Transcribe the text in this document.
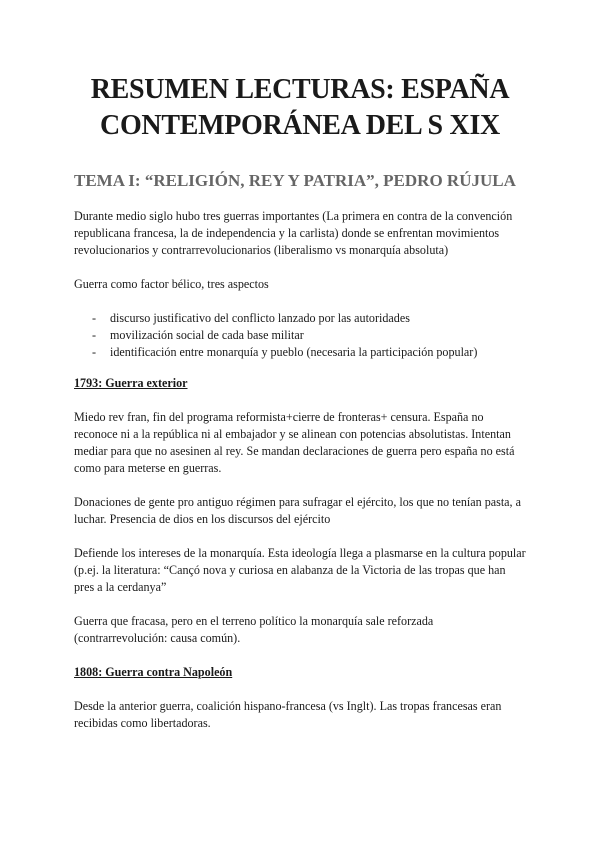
RESUMEN LECTURAS: ESPAÑA
CONTEMPORÁNEA DEL S XIX
TEMA I: “RELIGIÓN, REY Y PATRIA”, PEDRO RÚJULA

Durante medio siglo hubo tres guerras importantes (La primera en contra de la convención republicana francesa, la de independencia y la carlista) donde se enfrentan movimientos revolucionarios y contrarrevolucionarios (liberalismo vs monarquía absoluta)

Guerra como factor bélico, tres aspectos

- discurso justificativo del conflicto lanzado por las autoridades
- movilización social de cada base militar
- identificación entre monarquía y pueblo (necesaria la participación popular)

1793: Guerra exterior

Miedo rev fran, fin del programa reformista+cierre de fronteras+ censura. España no reconoce ni a la república ni al embajador y se alinean con potencias absolutistas. Intentan mediar para que no asesinen al rey. Se mandan declaraciones de guerra pero españa no está como para meterse en guerras.

Donaciones de gente pro antiguo régimen para sufragar el ejército, los que no tenían pasta, a luchar. Presencia de dios en los discursos del ejército

Defiende los intereses de la monarquía. Esta ideología llega a plasmarse en la cultura popular (p.ej. la literatura: “Cançó nova y curiosa en alabanza de la Victoria de las tropas que han pres a la cerdanya”

Guerra que fracasa, pero en el terreno político la monarquía sale reforzada (contrarrevolución: causa común).

1808: Guerra contra Napoleón

Desde la anterior guerra, coalición hispano-francesa (vs Inglt). Las tropas francesas eran recibidas como libertadoras.
